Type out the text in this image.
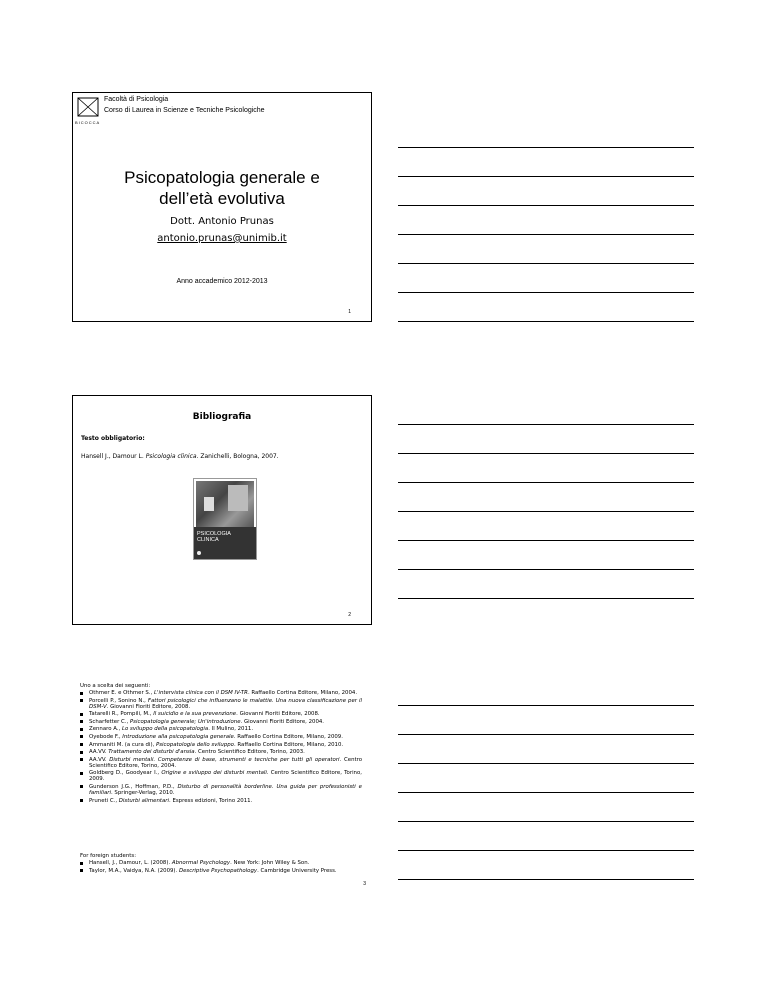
BICOCCA
Facoltà di Psicologia
Corso di Laurea in Scienze e Tecniche Psicologiche
Psicopatologia generale e
dell’età evolutiva
Dott. Antonio Prunas
antonio.prunas@unimib.it
Anno accademico 2012-2013
1
Bibliografia
Testo obbligatorio:
Hansell J., Damour L. Psicologia clinica. Zanichelli, Bologna, 2007.
PSICOLOGIA
CLINICA
2
Uno a scelta dei seguenti:
Othmer E. e Othmer S., L'intervista clinica con il DSM IV-TR. Raffaello Cortina Editore, Milano, 2004.
Porcelli P., Sonino N., Fattori psicologici che influenzano le malattie. Una nuova classificazione per il DSM-V. Giovanni Fioriti Editore, 2008.
Tatarelli R., Pompili, M., Il suicidio e la sua prevenzione. Giovanni Fioriti Editore, 2008.
Scharfetter C., Psicopatologia generale; Un'introduzione. Giovanni Fioriti Editore, 2004.
Zennaro A., Lo sviluppo della psicopatologia. Il Mulino, 2011.
Oyebode F., Introduzione alla psicopatologia generale. Raffaello Cortina Editore, Milano, 2009.
Ammaniti M. (a cura di), Psicopatologia dello sviluppo. Raffaello Cortina Editore, Milano, 2010.
AA.VV. Trattamento dei disturbi d'ansia. Centro Scientifico Editore, Torino, 2003.
AA.VV. Disturbi mentali. Competenze di base, strumenti e tecniche per tutti gli operatori. Centro Scientifico Editore, Torino, 2004.
Goldberg D., Goodyear I., Origine e sviluppo dei disturbi mentali. Centro Scientifico Editore, Torino, 2009.
Gunderson J.G., Hoffman, P.D., Disturbo di personalità borderline. Una guida per professionisti e familiari. Springer-Verlag, 2010.
Pruneti C., Disturbi alimentari. Espress edizioni, Torino 2011.
For foreign students:
Hansell, J., Damour, L. (2008). Abnormal Psychology. New York: John Wiley & Son.
Taylor, M.A., Vaidya, N.A. (2009). Descriptive Psychopathology. Cambridge University Press.
3
